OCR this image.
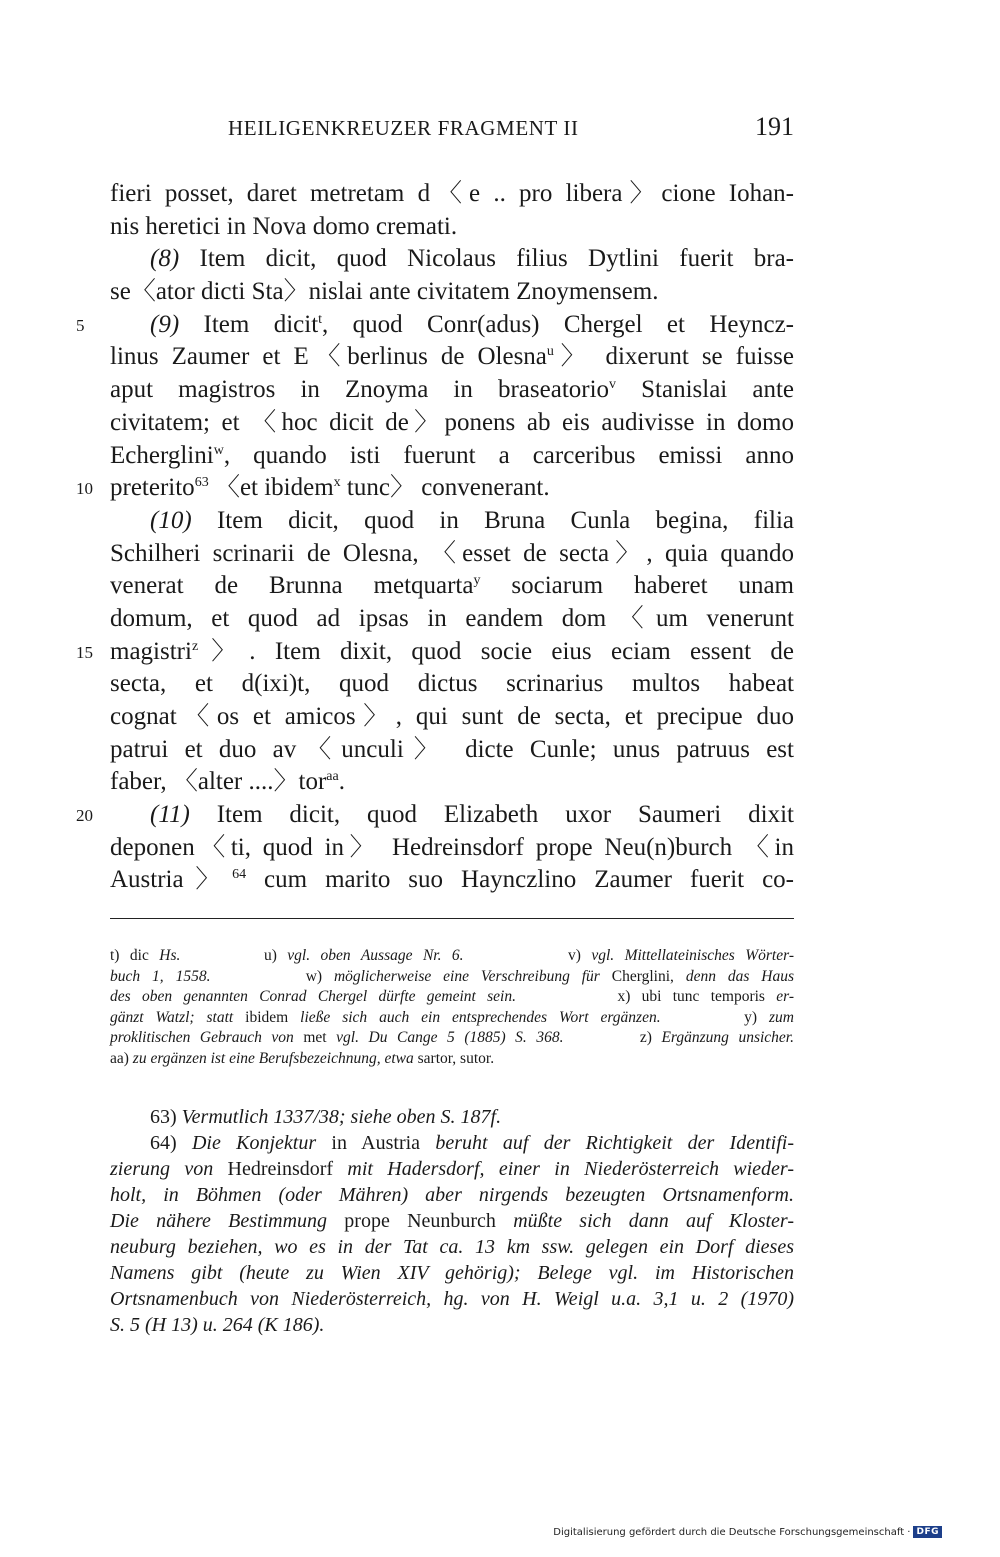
HEILIGENKREUZER FRAGMENT II	191
fieri posset, daret metretam d〈e .. pro libera〉cione Iohan-
nis heretici in Nova domo cremati.
(8) Item dicit, quod Nicolaus filius Dytlini fuerit bra-
se〈ator dicti Sta〉nislai ante civitatem Znoymensem.
(9) Item dicit$^t$, quod Conr(adus) Chergel et Heyncz-
5
linus Zaumer et E〈berlinus de Olesna$^u$〉 dixerunt se fuisse
aput magistros in Znoyma in braseatorio$^v$ Stanislai ante
civitatem; et 〈hoc dicit de〉ponens ab eis audivisse in domo
Echerglini$^w$, quando isti fuerunt a carceribus emissi anno
preterito$^{63}$ 〈et ibidem$^x$ tunc〉 convenerant.
10
(10) Item dicit, quod in Bruna Cunla begina, filia
Schilheri scrinarii de Olesna, 〈esset de secta〉, quia quando
venerat de Brunna metquarta$^y$ sociarum haberet unam
domum, et quod ad ipsas in eandem dom〈um venerunt
magistri$^z$〉. Item dixit, quod socie eius eciam essent de
15
secta, et d(ixi)t, quod dictus scrinarius multos habeat
cognat〈os et amicos〉, qui sunt de secta, et precipue duo
patrui et duo av〈unculi〉 dicte Cunle; unus patruus est
faber, 〈alter ....〉tor$^{aa}$.
(11) Item dicit, quod Elizabeth uxor Saumeri dixit
20
deponen〈ti, quod in〉 Hedreinsdorf prope Neu(n)burch 〈in
Austria〉$^{64}$ cum marito suo Haynczlino Zaumer fuerit co-
t) dic Hs.        u) vgl. oben Aussage Nr. 6.          v) vgl. Mittellateinisches Wörter-
buch 1, 1558.        w) möglicherweise eine Verschreibung für Cherglini, denn das Haus
des oben genannten Conrad Chergel dürfte gemeint sein.         x) ubi tunc temporis er-
gänzt Watzl; statt ibidem ließe sich auch ein entsprechendes Wort ergänzen.       y) zum
proklitischen Gebrauch von met vgl. Du Cange 5 (1885) S. 368.        z) Ergänzung unsicher.
aa) zu ergänzen ist eine Berufsbezeichnung, etwa sartor, sutor.
63) Vermutlich 1337/38; siehe oben S. 187f.
64) Die Konjektur in Austria beruht auf der Richtigkeit der Identifi-
zierung von Hedreinsdorf mit Hadersdorf, einer in Niederösterreich wieder-
holt, in Böhmen (oder Mähren) aber nirgends bezeugten Ortsnamenform.
Die nähere Bestimmung prope Neunburch müßte sich dann auf Kloster-
neuburg beziehen, wo es in der Tat ca. 13 km ssw. gelegen ein Dorf dieses
Namens gibt (heute zu Wien XIV gehörig); Belege vgl. im Historischen
Ortsnamenbuch von Niederösterreich, hg. von H. Weigl u.a. 3,1 u. 2 (1970)
S. 5 (H 13) u. 264 (K 186).
Digitalisierung gefördert durch die Deutsche Forschungsgemeinschaft · DFG
